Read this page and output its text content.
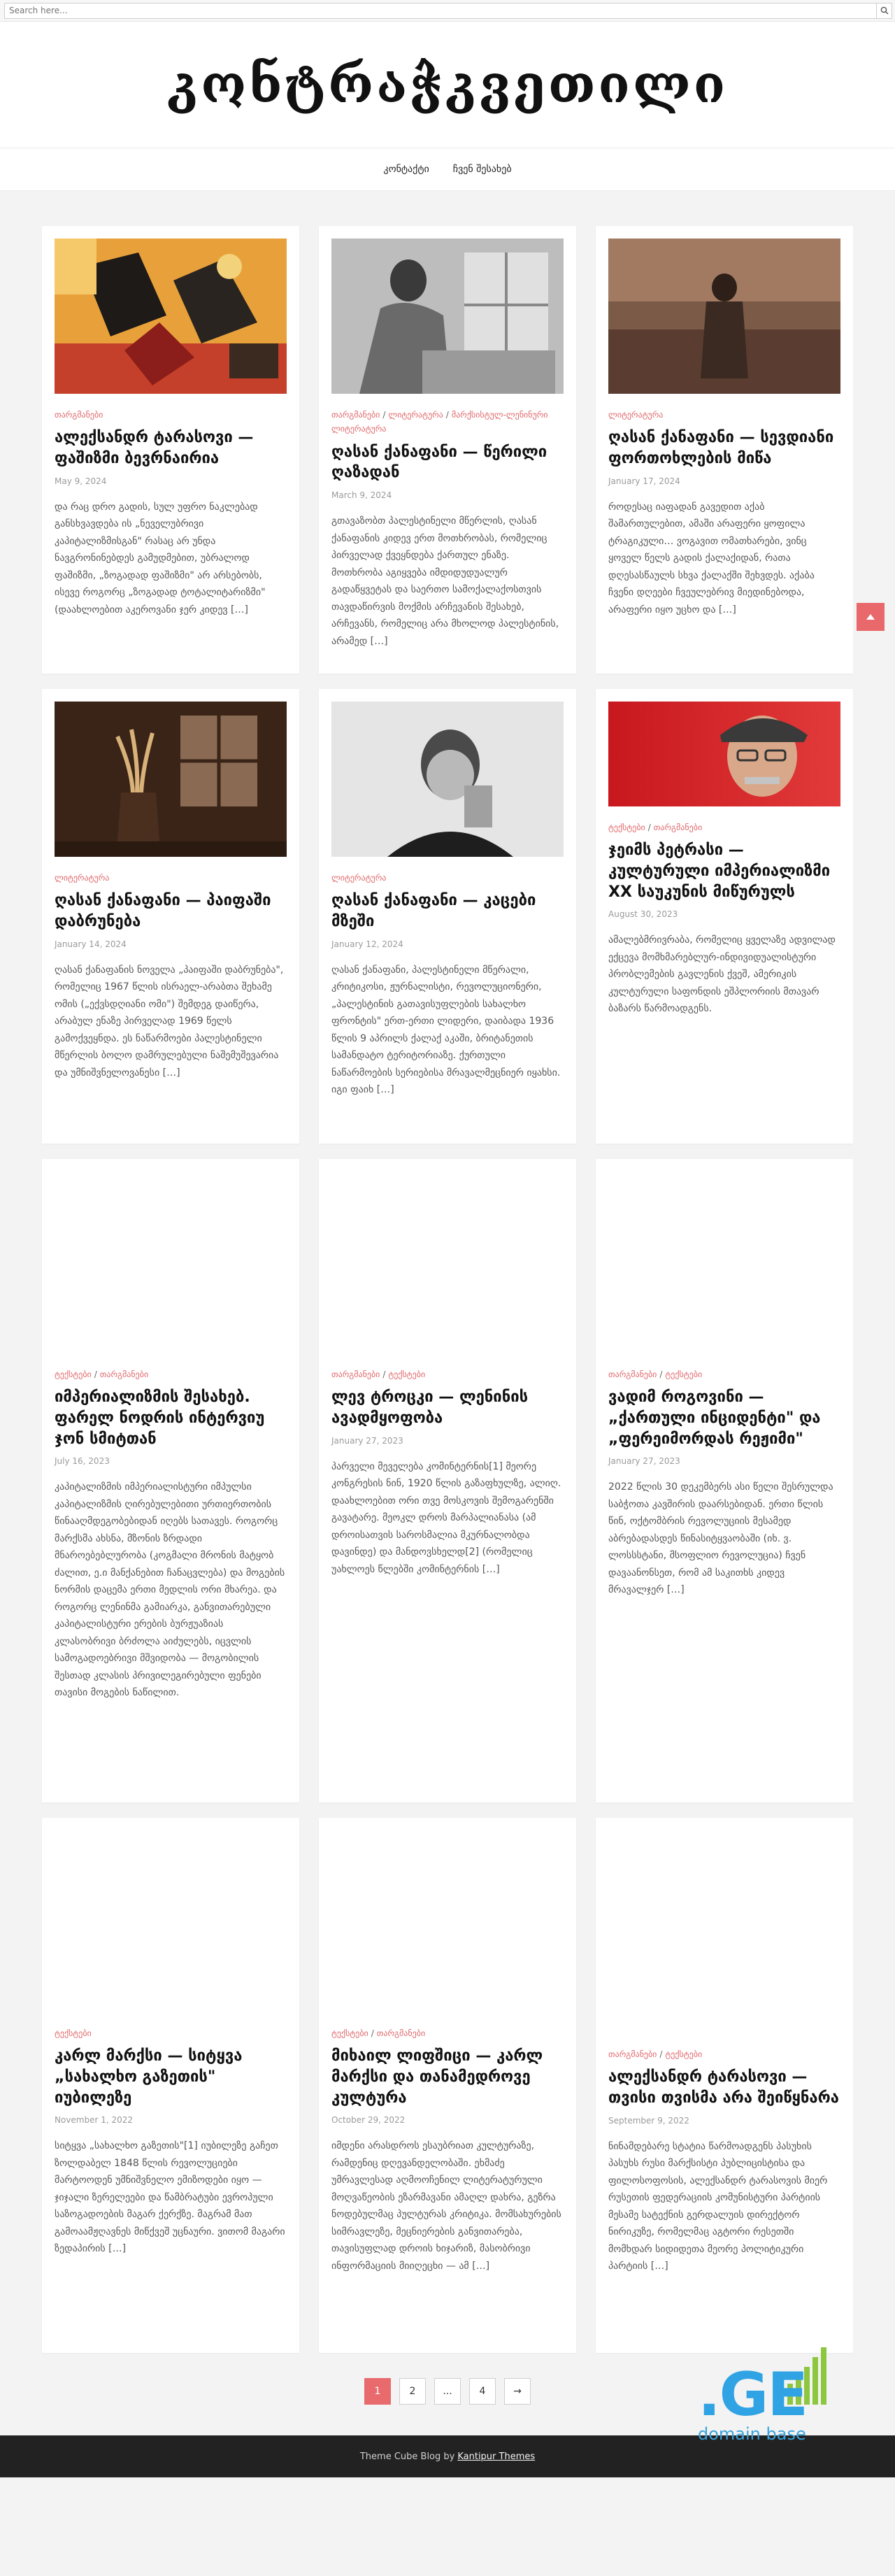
Search here...
კონტრაჭკვეთილი
კონტაქტი ჩვენ შესახებ
თარგმანები
ალექსანდრ ტარასოვი — ფაშიზმი ბევრნაირია
May 9, 2024
და რაც დრო გადის, სულ უფრო ნაკლებად განსხვავდება ის „ნეველუბრივი კაპიტალიზმისგან" რასაც არ უნდა ნავგრონინებდეს გამუდმებით, უბრალოდ ფაშიზმი, „ზოგადად ფაშიზმი" არ არსებობს, ისევე როგორც „ზოგადად ტოტალიტარიზმი" (დაახლოებით აკეროვანი ჯერ კიდევ […]
თარგმანები / ლიტერატურა / მარქსისტულ-ლენინური ლიტერატურა
ღასან ქანაფანი — წერილი ღაზადან
March 9, 2024
გთავაზობთ პალესტინელი მწერლის, ღასან ქანაფანის კიდევ ერთ მოთხრობას, რომელიც პირველად ქვეყნდება ქართულ ენაზე. მოთხრობა აგიყვება იმდიდუდუალურ გადაწყვეტას და საერთო სამოქალაქოსთვის თავდაწირვის მოქმის არჩევანის შესახებ, არჩევანს, რომელიც არა მხოლოდ პალესტინის, არამედ […]
ლიტერატურა
ღასან ქანაფანი — სევდიანი ფორთოხლების მიწა
January 17, 2024
როდესაც იაფადან გავედით აქაბ შამართულებით, ამაში არაფერი ყოფილა ტრაგიკული… ვოგავით ომათხარები, ვინც ყოველ წელს გადის ქალაქიდან, რათა დღესასწაულს სხვა ქალაქში შეხვდეს. აქაბა ჩვენი დღეები ჩვეულებრივ მიედინებოდა, არაფერი იყო უცხო და […]
ლიტერატურა
ღასან ქანაფანი — პაიფაში დაბრუნება
January 14, 2024
ღასან ქანაფანის ნოველა „პაიფაში დაბრუნება", რომელიც 1967 წლის ისრაელ-არაბთა შეხამე ომის („ექვსდღიანი ომი") შემდეგ დაიწერა, არაბულ ენაზე პირველად 1969 წელს გამოქვეყნდა. ეს ნაწარმოები პალესტინელი მწერლის ბოლო დამრულებული ნაშემუშევარია და უმნიშვნელოვანესი […]
ლიტერატურა
ღასან ქანაფანი — კაცები მზეში
January 12, 2024
ღასან ქანაფანი, პალესტინელი მწერალი, კრიტიკოსი, ჟურნალისტი, რევოლუციონერი, „პალესტინის გათავისუფლების სახალხო ფრონტის" ერთ-ერთი ლიდერი, დაიბადა 1936 წლის 9 აპრილს ქალაქ აკაში, ბრიტანეთის სამანდატო ტერიტორიაზე. ქურთული ნაწარმოების სერიებისა მრავალმეცნიერ იყახსი. იგი ფაიხ […]
ტექსტები / თარგმანები
ჯეიმს პეტრასი — კულტურული იმპერიალიზმი XX საუკუნის მიწურულს
August 30, 2023
ამალებმრივრაბა, რომელიც ყველაზე ადვილად ექცევა მომხმარებლურ-ინდივიდუალისტური პრობლემების გავლენის ქვეშ, ამერიკის კულტურული საფონდის ეშპლორიის მთავარ ბაზარს წარმოადგენს.
ტექსტები / თარგმანები
იმპერიალიზმის შესახებ. ფარელ ნოდრის ინტერვიუ ჯონ სმიტთან
July 16, 2023
კაპიტალიზმის იმპერიალისტური იმპულსი კაპიტალიზმის ღირებულებითი ურთიერთობის წინააღმდეგობებიდან იღებს სათავეს. როგორც მარქსმა ახსნა, მზონის ზრდადი მნაროებებლურობა (კოგმალი მრონის მატყობ ძალით, ე.ი მანქანებით ჩანაცვლება) და მოგების ნორმის დაცემა ერთი მედლის ორი მხარეა. და როგორც ლენინმა გამიარკა, განვითარებული კაპიტალისტური ერების ბურჟუაზიას კლასობრივი ბრძოლა აიძულებს, იცვლის სამოგადოებრივი მშვიდობა — მოგობილის შესთად კლასის პრივილეგირებული ფენები თავისი მოგების ნაწილით.
თარგმანები / ტექსტები
ლევ ტროცკი — ლენინის ავადმყოფობა
January 27, 2023
პარველი მეველება კომინტერნის[1] მეორე კონგრესის ნინ, 1920 წლის გაზაფხულზე, ალიღ. დაახლოებით ორი თვე მოსკოვის შემოგარენში გავატარე. მეოკლ დროს მარპალიანასა (ამ დროისათვის საროსმალია მკურნალობდა დავინდე) და მანდოვსხელდ[2] (რომელიც უახლოეს წლებში კომინტერნის […]
თარგმანები / ტექსტები
ვადიმ როგოვინი — „ქართული ინციდენტი" და „ფერეიმორდას რეჟიმი"
January 27, 2023
2022 წლის 30 დეკემბერს ასი წელი შესრულდა საბჭოთა კავშირის დაარსებიდან. ერთი წლის წინ, ოქტომბრის რევოლუციის მესამედ აბრებადასდეს წინასიტყვაობაში (იხ. ვ. ლოსსსტანი, მსოფლიო რევოლუცია) ჩვენ დავაანონსეთ, რომ ამ საკითხს კიდევ მრავალჯერ […]
ტექსტები
კარლ მარქსი — სიტყვა „სახალხო გაზეთის" იუბილეზე
November 1, 2022
სიტყვა „სახალხო გაზეთის"[1] იუბილეზე გაჩეთ ზოლდაბელ 1848 წლის რევოლუციები მარტოოდენ უმნიშვნელო ემიზოდები იყო — ჯიჯალი ზერელეები და წამბრატუბი ევროპული საზოგადოების მაგარ ქერქზე. მაგრამ მათ გამოაამჟღავნეს მიწქვეშ უცნაური. ვითომ მაგარი ზედაპირის […]
ტექსტები / თარგმანები
მიხაილ ლიფშიცი — კარლ მარქსი და თანამედროვე კულტურა
October 29, 2022
იმდენი არასდროს ესაუბრიათ კულტურაზე, რამდენიც დღევანდელობაში. ეხმაძე უმრავლესად აღმოოჩენილ ლიტერატურული მოღვაწეობის ეზარმავანი ამაღლ დახრა, გეზრა ნოდებულმაც პულტურას კრიტიკა. მომსახურების სიმრავლეზე, მეცნიერების განვითარება, თავისუფლად დროის ხიჯარიზ, მასობრივი ინფორმაციის მიიღეცხი — ამ […]
თარგმანები / ტექსტები
ალექსანდრ ტარასოვი — თვისი თვისმა არა შეიწყნარა
September 9, 2022
ნინამდებარე სტატია წარმოადგენს პასუხის პასუხს რუსი მარქსისტი პუბლიცისტისა და ფილოსოფოსის, ალექსანდრ ტარასოვის მიერ რუსეთის ფედერაციის კომუნისტური პარტიის მესამე სატექნის გერდალუის დირექტორ ნირიკუზე, რომელმაც აგტორი რესეთში მომხდარ სიდიდეთა მეორე პოლიტიკური პარტიის […]
1	2	...	4	→
Theme Cube Blog by Kantipur Themes
.GE
domain base
